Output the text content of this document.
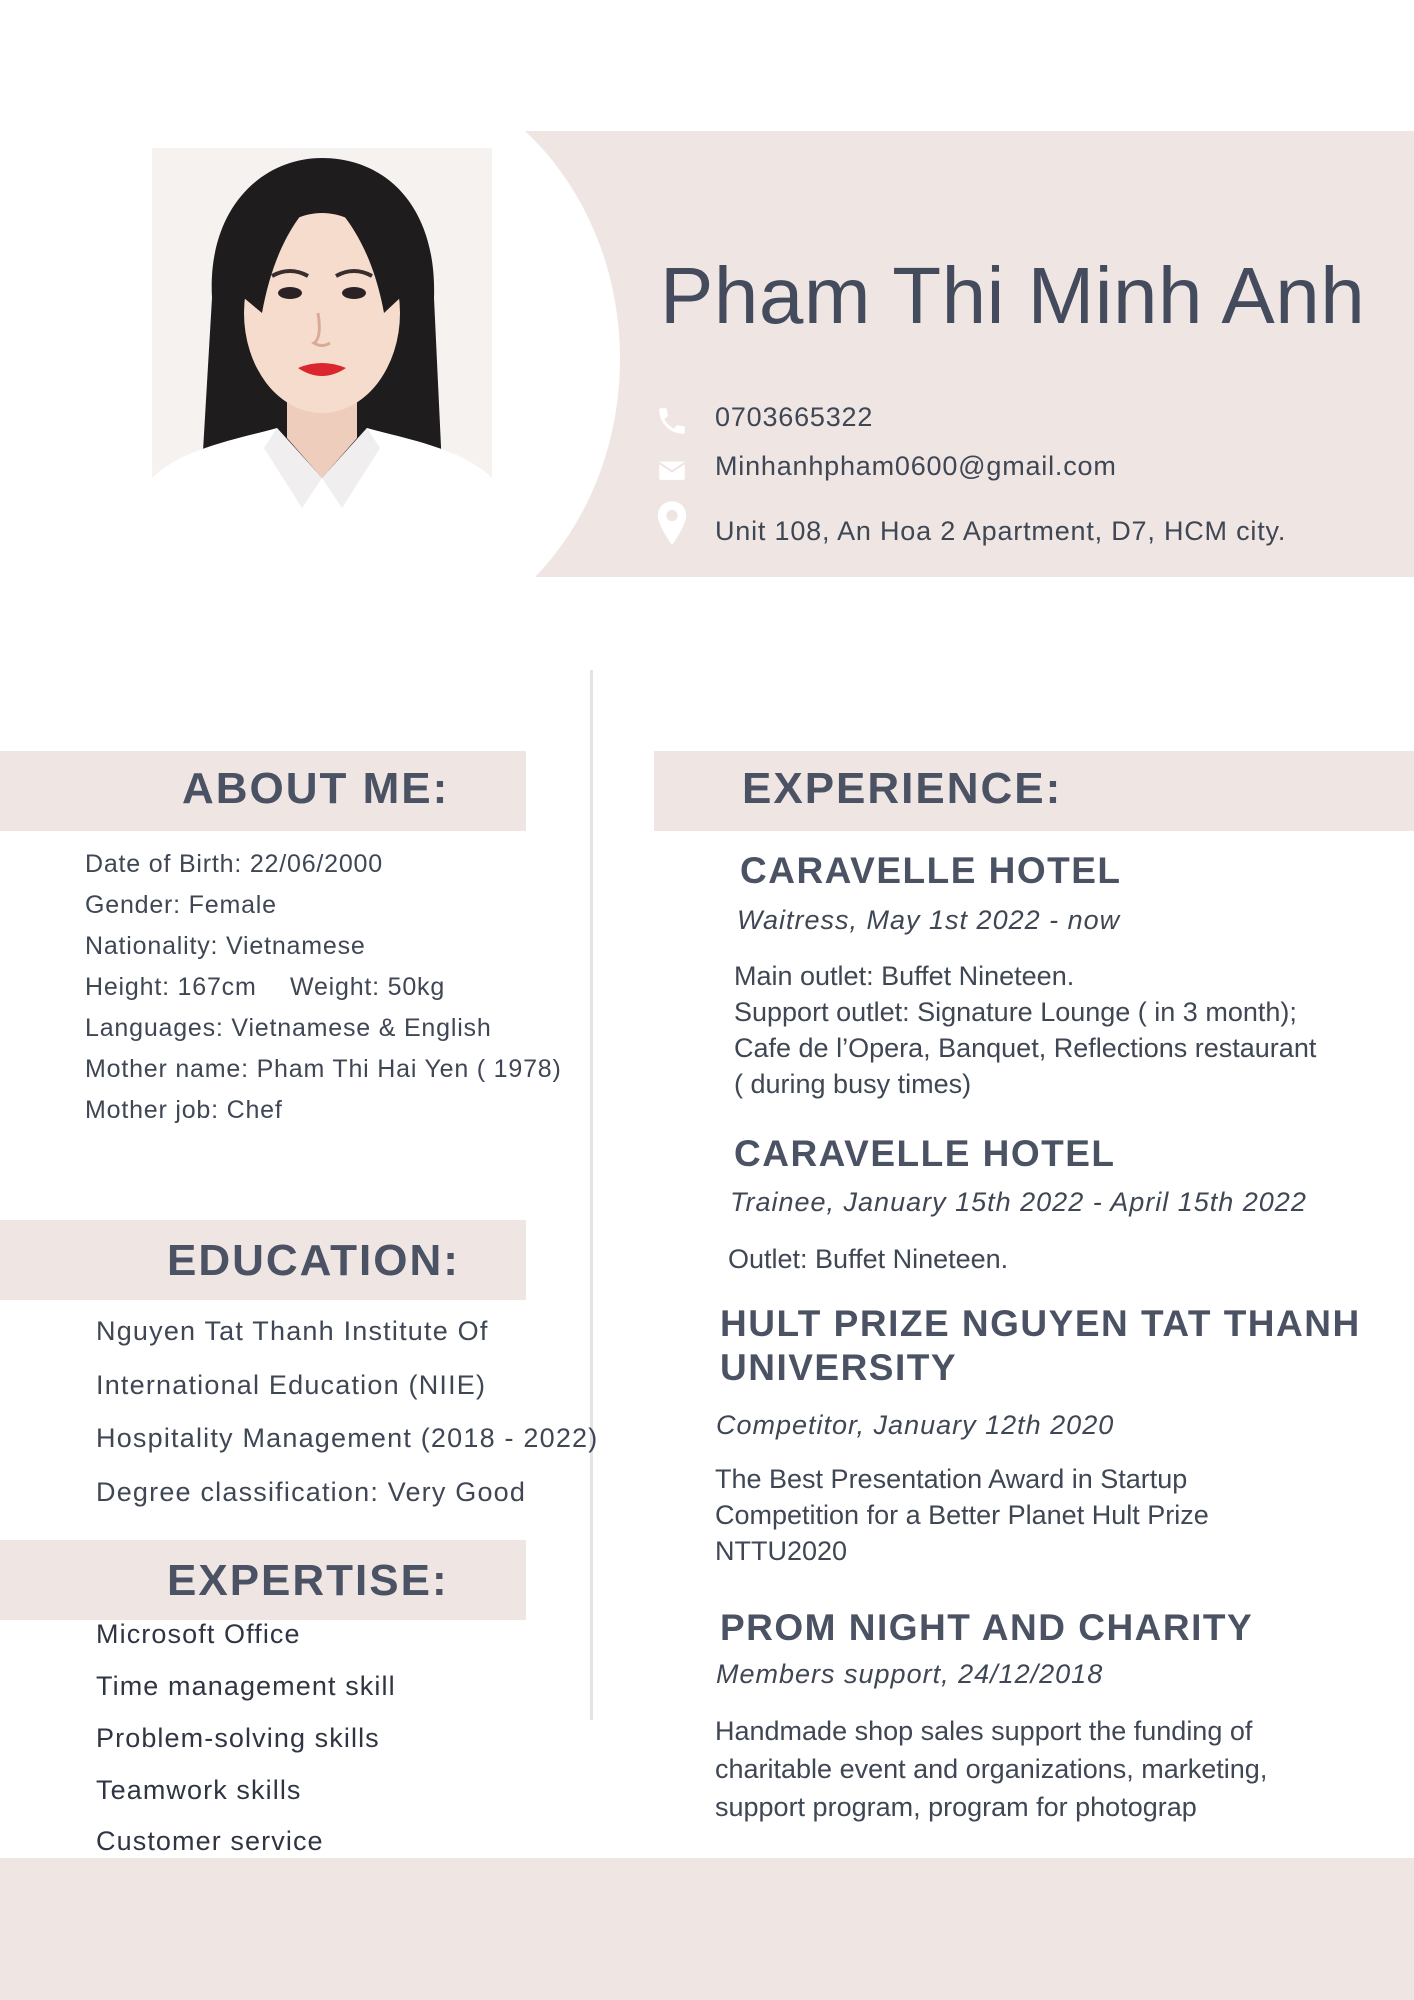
Pham Thi Minh Anh
0703665322
Minhanhpham0600@gmail.com
Unit 108, An Hoa 2 Apartment, D7, HCM city.
ABOUT ME:
Date of Birth: 22/06/2000
Gender: Female
Nationality: Vietnamese
Height: 167cm Weight: 50kg
Languages: Vietnamese & English
Mother name: Pham Thi Hai Yen ( 1978)
Mother job: Chef
EDUCATION:
Nguyen Tat Thanh Institute Of
International Education (NIIE)
Hospitality Management (2018 - 2022)
Degree classification: Very Good
EXPERTISE:
Microsoft Office
Time management skill
Problem-solving skills
Teamwork skills
Customer service
EXPERIENCE:
CARAVELLE HOTEL
Waitress, May 1st 2022 - now
Main outlet: Buffet Nineteen.
Support outlet: Signature Lounge ( in 3 month);
Cafe de l’Opera, Banquet, Reflections restaurant
( during busy times)
CARAVELLE HOTEL
Trainee, January 15th 2022 - April 15th 2022
Outlet: Buffet Nineteen.
HULT PRIZE NGUYEN TAT THANH
UNIVERSITY
Competitor, January 12th 2020
The Best Presentation Award in Startup
Competition for a Better Planet Hult Prize
NTTU2020
PROM NIGHT AND CHARITY
Members support, 24/12/2018
Handmade shop sales support the funding of
charitable event and organizations, marketing,
support program, program for photograp
